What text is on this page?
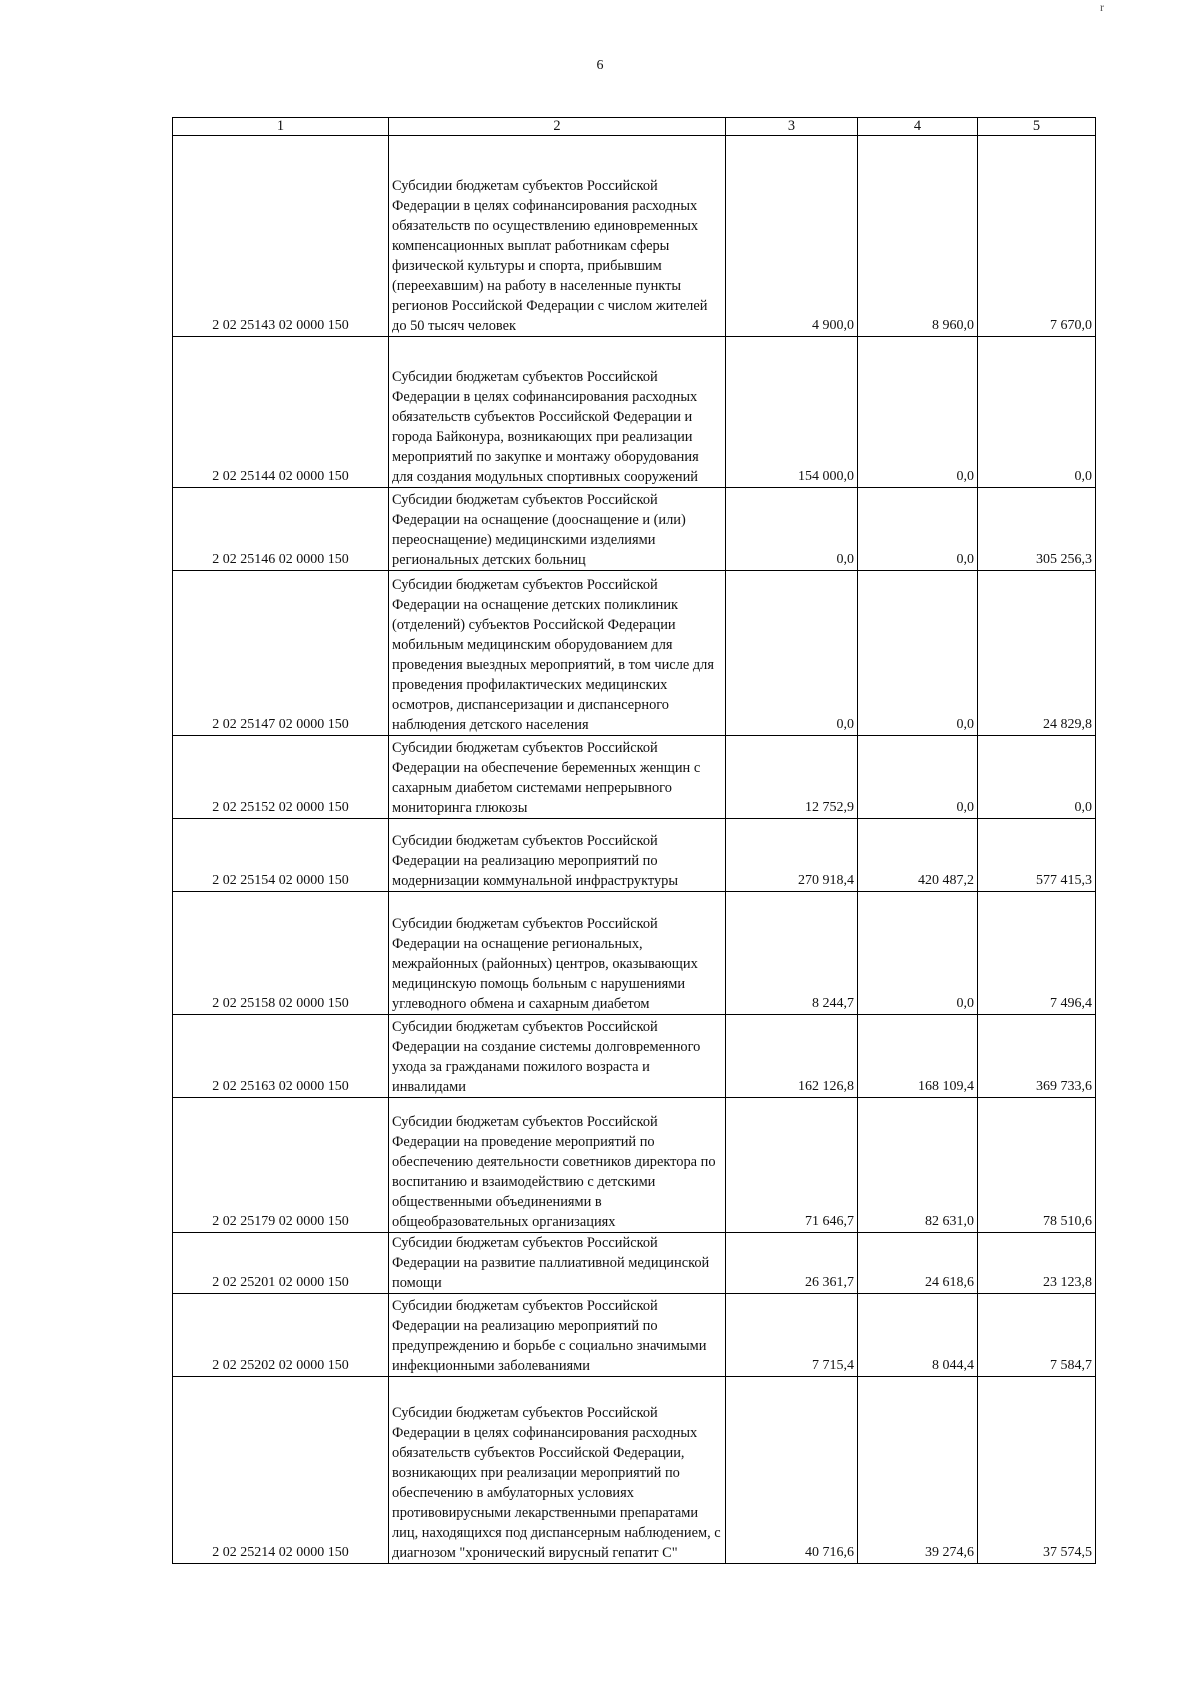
6
r
1	2	3	4	5
2 02 25143 02 0000 150	Субсидии бюджетам субъектов Российской Федерации в целях софинансирования расходных обязательств по осуществлению единовременных компенсационных выплат работникам сферы физической культуры и спорта, прибывшим (переехавшим) на работу в населенные пункты регионов Российской Федерации с числом жителей до 50 тысяч человек	4 900,0	8 960,0	7 670,0
2 02 25144 02 0000 150	Субсидии бюджетам субъектов Российской Федерации в целях софинансирования расходных обязательств субъектов Российской Федерации и города Байконура, возникающих при реализации мероприятий по закупке и монтажу оборудования для создания модульных спортивных сооружений	154 000,0	0,0	0,0
2 02 25146 02 0000 150	Субсидии бюджетам субъектов Российской Федерации на оснащение (дооснащение и (или) переоснащение) медицинскими изделиями региональных детских больниц	0,0	0,0	305 256,3
2 02 25147 02 0000 150	Субсидии бюджетам субъектов Российской Федерации на оснащение детских поликлиник (отделений) субъектов Российской Федерации мобильным медицинским оборудованием для проведения выездных мероприятий, в том числе для проведения профилактических медицинских осмотров, диспансеризации и диспансерного наблюдения детского населения	0,0	0,0	24 829,8
2 02 25152 02 0000 150	Субсидии бюджетам субъектов Российской Федерации на обеспечение беременных женщин с сахарным диабетом системами непрерывного мониторинга глюкозы	12 752,9	0,0	0,0
2 02 25154 02 0000 150	Субсидии бюджетам субъектов Российской Федерации на реализацию мероприятий по модернизации коммунальной инфраструктуры	270 918,4	420 487,2	577 415,3
2 02 25158 02 0000 150	Субсидии бюджетам субъектов Российской Федерации на оснащение региональных, межрайонных (районных) центров, оказывающих медицинскую помощь больным с нарушениями углеводного обмена и сахарным диабетом	8 244,7	0,0	7 496,4
2 02 25163 02 0000 150	Субсидии бюджетам субъектов Российской Федерации на создание системы долговременного ухода за гражданами пожилого возраста и инвалидами	162 126,8	168 109,4	369 733,6
2 02 25179 02 0000 150	Субсидии бюджетам субъектов Российской Федерации на проведение мероприятий по обеспечению деятельности советников директора по воспитанию и взаимодействию с детскими общественными объединениями в общеобразовательных организациях	71 646,7	82 631,0	78 510,6
2 02 25201 02 0000 150	Субсидии бюджетам субъектов Российской Федерации на развитие паллиативной медицинской помощи	26 361,7	24 618,6	23 123,8
2 02 25202 02 0000 150	Субсидии бюджетам субъектов Российской Федерации на реализацию мероприятий по предупреждению и борьбе с социально значимыми инфекционными заболеваниями	7 715,4	8 044,4	7 584,7
2 02 25214 02 0000 150	Субсидии бюджетам субъектов Российской Федерации в целях софинансирования расходных обязательств субъектов Российской Федерации, возникающих при реализации мероприятий по обеспечению в амбулаторных условиях противовирусными лекарственными препаратами лиц, находящихся под диспансерным наблюдением, с диагнозом "хронический вирусный гепатит С"	40 716,6	39 274,6	37 574,5
